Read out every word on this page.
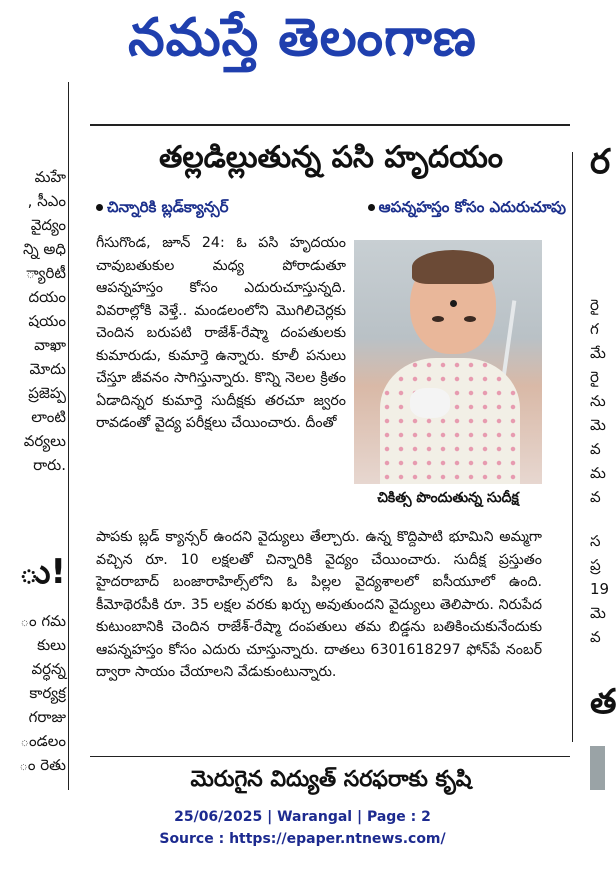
నమస్తే తెలంగాణ
మహే
, సీఎం
వైద్యం
న్ని అధి
్యారిటీ
దయం
షయం
వాఖా
మోదు
ప్రజెప్ప
లాంటి
వర్యలు
రారు.
ు!
ం గమ
కులు
వర్ధన్న
కార్యక్ర
గరాజు
ండలం
ం రెతు
ర
రై
గ
మే
రై
ను
మె
వ
మ
వ
స
ప్ర
19
మె
వ
త
తల్లడిల్లుతున్న పసి హృదయం
చిన్నారికి బ్లడ్‌క్యాన్సర్	ఆపన్నహస్తం కోసం ఎదురుచూపు

గీసుగొండ, జూన్ 24: ఓ పసి హృదయం చావుబతుకుల మధ్య పోరాడుతూ ఆపన్నహస్తం కోసం ఎదురుచూస్తున్నది. వివరాల్లోకి వెళ్తే.. మండలంలోని మొగిలిచెర్లకు చెందిన బరుపటి రాజేశ్-రేష్మా దంపతులకు కుమారుడు, కుమార్తె ఉన్నారు. కూలీ పనులు చేస్తూ జీవనం సాగిస్తున్నారు. కొన్ని నెలల క్రితం ఏడాదిన్నర కుమార్తె సుదీక్షకు తరచూ జ్వరం రావడంతో వైద్య పరీక్షలు చేయించారు. దీంతో

చికిత్స పొందుతున్న సుదీక్ష

పాపకు బ్లడ్ క్యాన్సర్ ఉందని వైద్యులు తేల్చారు. ఉన్న కొద్దిపాటి భూమిని అమ్మగా వచ్చిన రూ. 10 లక్షలతో చిన్నారికి వైద్యం చేయించారు. సుదీక్ష ప్రస్తుతం హైదరాబాద్ బంజారాహిల్స్‌లోని ఓ పిల్లల వైద్యశాలలో ఐసీయూలో ఉంది. కీమోథెరపీకి రూ. 35 లక్షల వరకు ఖర్చు అవుతుందని వైద్యులు తెలిపారు. నిరుపేద కుటుంబానికి చెందిన రాజేశ్-రేష్మా దంపతులు తమ బిడ్డను బతికించుకునేందుకు ఆపన్నహస్తం కోసం ఎదురు చూస్తున్నారు. దాతలు 6301618297 ఫోన్‌పే నంబర్ ద్వారా సాయం చేయాలని వేడుకుంటున్నారు.

మెరుగైన విద్యుత్ సరఫరాకు కృషి
25/06/2025 | Warangal | Page : 2
Source : https://epaper.ntnews.com/
